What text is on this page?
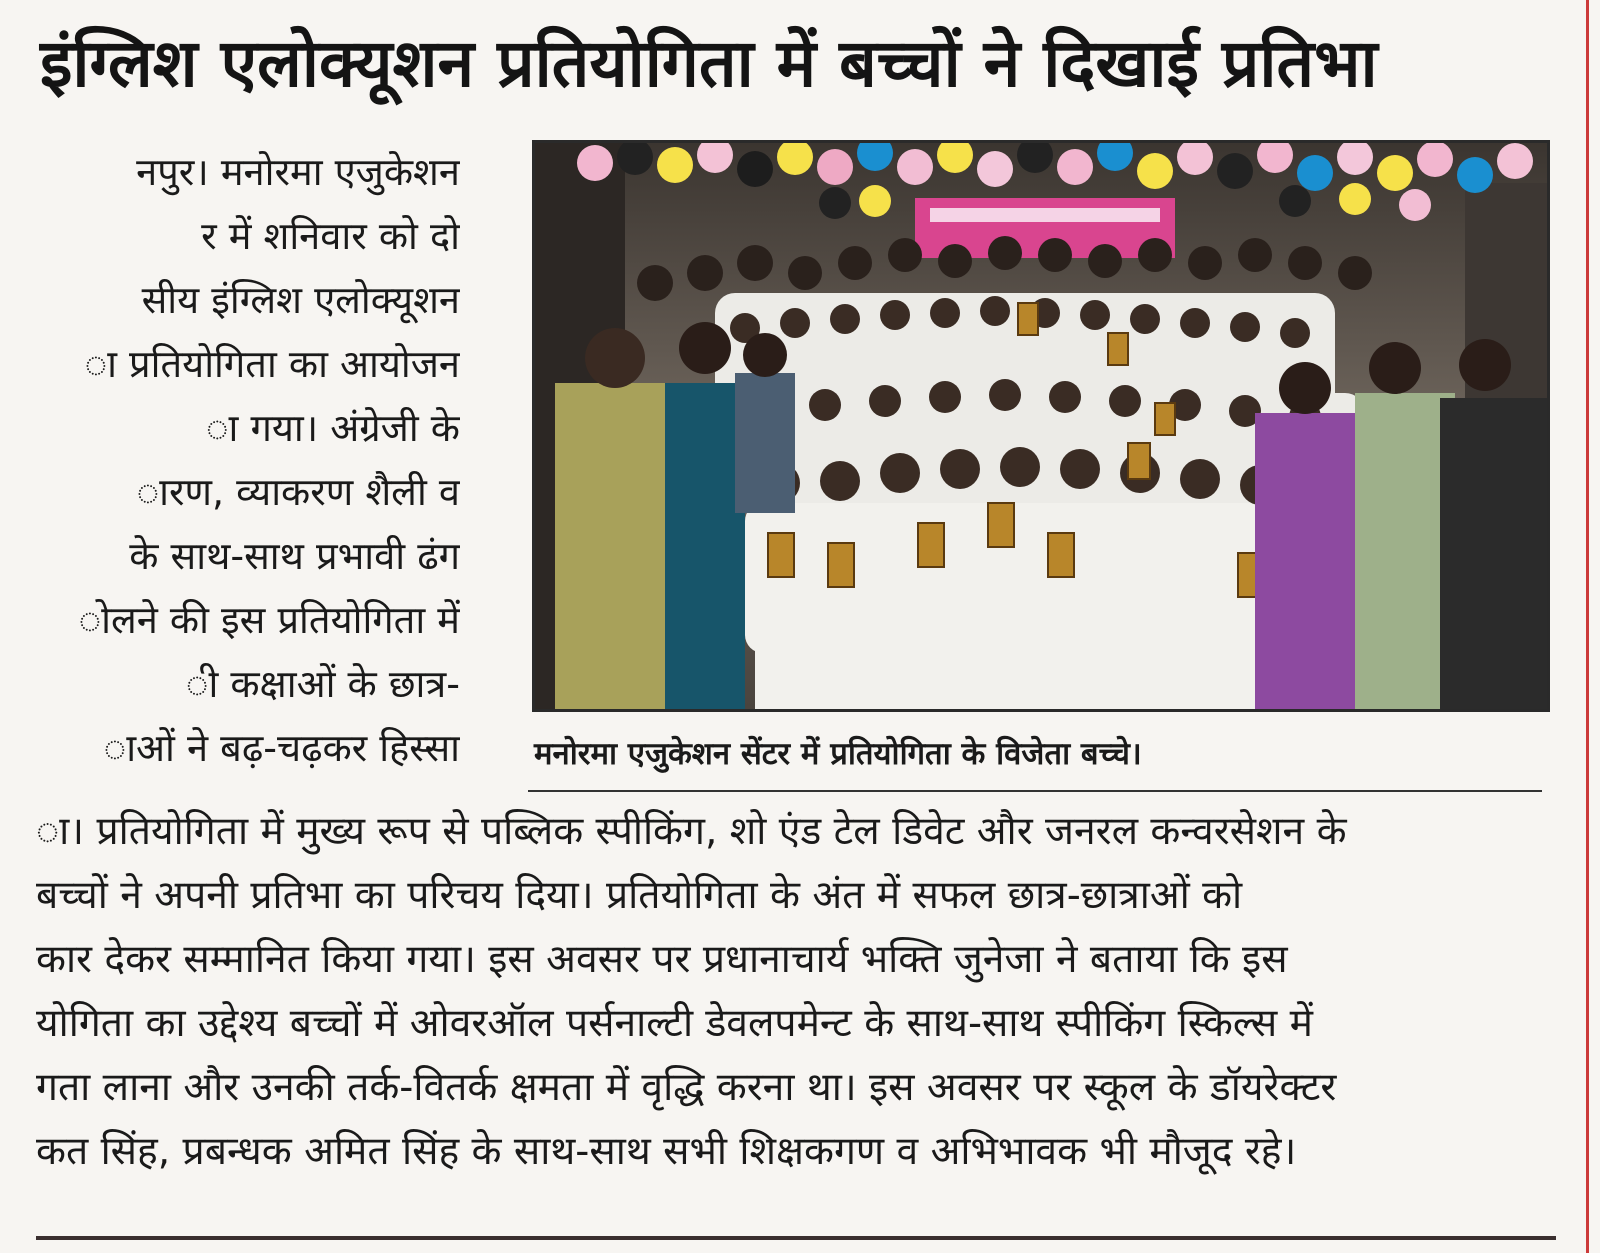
इंग्लिश एलोक्यूशन प्रतियोगिता में बच्चों ने दिखाई प्रतिभा
नपुर। मनोरमा एजुकेशन
र में शनिवार को दो
सीय इंग्लिश एलोक्यूशन
ा प्रतियोगिता का आयोजन
ा गया। अंग्रेजी के
ारण, व्याकरण शैली व
के साथ-साथ प्रभावी ढंग
ोलने की इस प्रतियोगिता में
ी कक्षाओं के छात्र-
ाओं ने बढ़-चढ़कर हिस्सा मनोरमा एजुकेशन सेंटर में प्रतियोगिता के विजेता बच्चे।
ा। प्रतियोगिता में मुख्य रूप से पब्लिक स्पीकिंग, शो एंड टेल डिवेट और जनरल कन्वरसेशन के
बच्चों ने अपनी प्रतिभा का परिचय दिया। प्रतियोगिता के अंत में सफल छात्र-छात्राओं को
कार देकर सम्मानित किया गया। इस अवसर पर प्रधानाचार्य भक्ति जुनेजा ने बताया कि इस
योगिता का उद्देश्य बच्चों में ओवरऑल पर्सनाल्टी डेवलपमेन्ट के साथ-साथ स्पीकिंग स्किल्स में
गता लाना और उनकी तर्क-वितर्क क्षमता में वृद्धि करना था। इस अवसर पर स्कूल के डॉयरेक्टर
कत सिंह, प्रबन्धक अमित सिंह के साथ-साथ सभी शिक्षकगण व अभिभावक भी मौजूद रहे।
